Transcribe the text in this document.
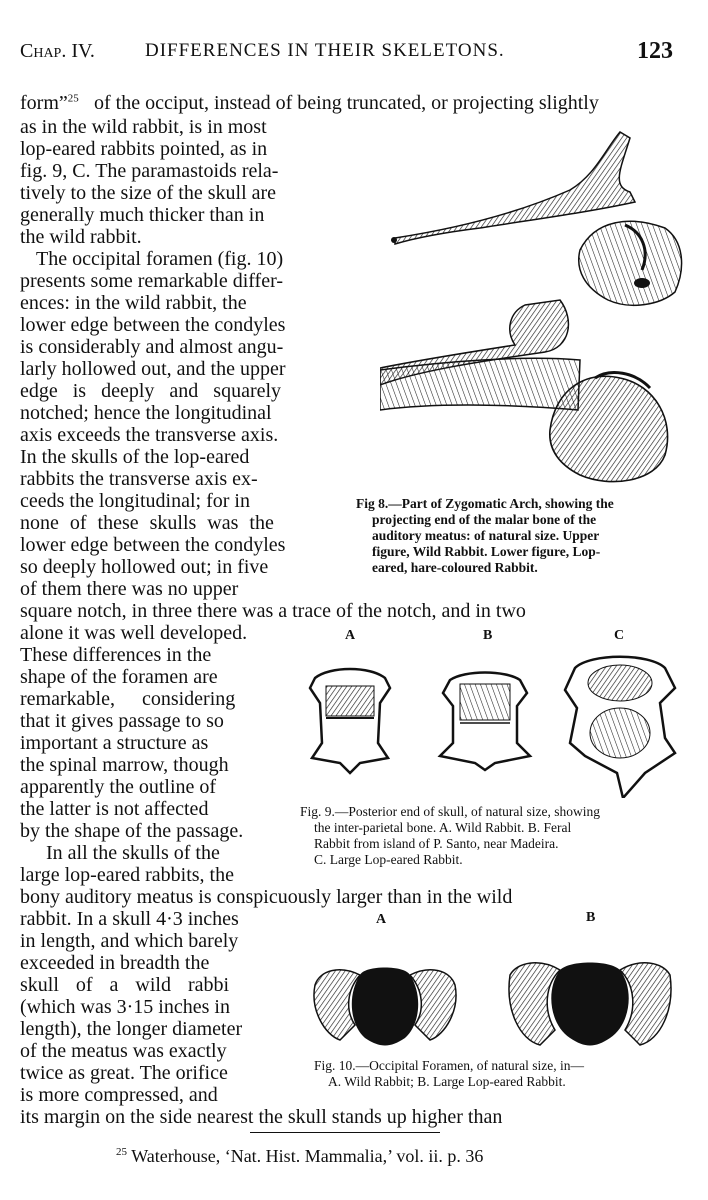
Chap. IV.	DIFFERENCES IN THEIR SKELETONS.	123
form”$^{25}$ of the occiput, instead of being truncated, or projecting slightly
as in the wild rabbit, is in most
lop-eared rabbits pointed, as in
fig. 9, C. The paramastoids rela-
tively to the size of the skull are
generally much thicker than in
the wild rabbit.
The occipital foramen (fig. 10)
presents some remarkable differ-
ences: in the wild rabbit, the
lower edge between the condyles
is considerably and almost angu-
larly hollowed out, and the upper
edge is deeply and squarely
notched; hence the longitudinal
axis exceeds the transverse axis.
In the skulls of the lop-eared
rabbits the transverse axis ex-
ceeds the longitudinal; for in
none of these skulls was the
lower edge between the condyles
so deeply hollowed out; in five
of them there was no upper
square notch, in three there was a trace of the notch, and in two
alone it was well developed.
These differences in the
shape of the foramen are
remarkable, considering
that it gives passage to so
important a structure as
the spinal marrow, though
apparently the outline of
the latter is not affected
by the shape of the passage.
In all the skulls of the
large lop-eared rabbits, the
bony auditory meatus is conspicuously larger than in the wild
rabbit. In a skull 4·3 inches
in length, and which barely
exceeded in breadth the
skull of a wild rabbi
(which was 3·15 inches in
length), the longer diameter
of the meatus was exactly
twice as great. The orifice
is more compressed, and
its margin on the side nearest the skull stands up higher than
Fig 8.—Part of Zygomatic Arch, showing the
projecting end of the malar bone of the
auditory meatus: of natural size. Upper
figure, Wild Rabbit. Lower figure, Lop-
eared, hare-coloured Rabbit.
A	B	C
Fig. 9.—Posterior end of skull, of natural size, showing
the inter-parietal bone. A. Wild Rabbit. B. Feral
Rabbit from island of P. Santo, near Madeira.
C. Large Lop-eared Rabbit.
A	B
Fig. 10.—Occipital Foramen, of natural size, in—
A. Wild Rabbit; B. Large Lop-eared Rabbit.
$^{25}$ Waterhouse, ‘Nat. Hist. Mammalia,’ vol. ii. p. 36
